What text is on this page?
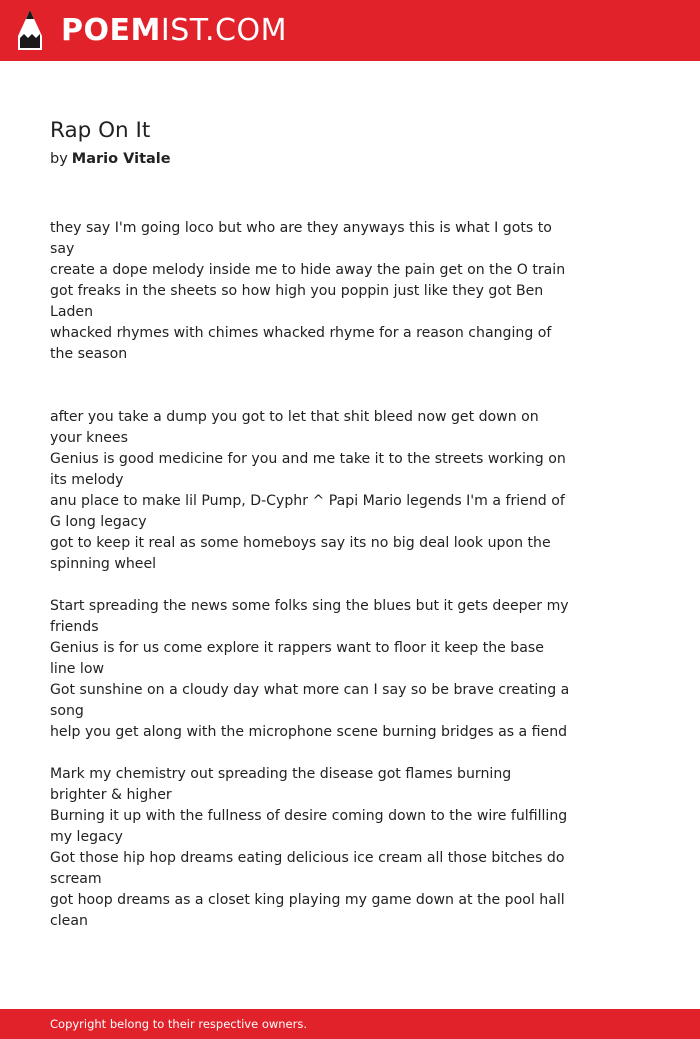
POEMIST.COM
Rap On It
by Mario Vitale
they say I'm going loco but who are they anyways this is what I gots to say
create a dope melody inside me to hide away the pain get on the O train
got freaks in the sheets so how high you poppin just like they got Ben Laden
whacked rhymes with chimes whacked rhyme for a reason changing of the season
after you take a dump you got to let that shit bleed now get down on your knees
Genius is good medicine for you and me take it to the streets working on its melody
anu place to make lil Pump, D-Cyphr ^ Papi Mario legends I'm a friend of G long legacy
got to keep it real as some homeboys say its no big deal look upon the spinning wheel
Start spreading the news some folks sing the blues but it gets deeper my friends
Genius is for us come explore it rappers want to floor it keep the base line low
Got sunshine on a cloudy day what more can I say so be brave creating a song
help you get along with the microphone scene burning bridges as a fiend
Mark my chemistry out spreading the disease got flames burning brighter & higher
Burning it up with the fullness of desire coming down to the wire fulfilling my legacy
Got those hip hop dreams eating delicious ice cream all those bitches do scream
got hoop dreams as a closet king playing my game down at the pool hall clean
Copyright belong to their respective owners.
